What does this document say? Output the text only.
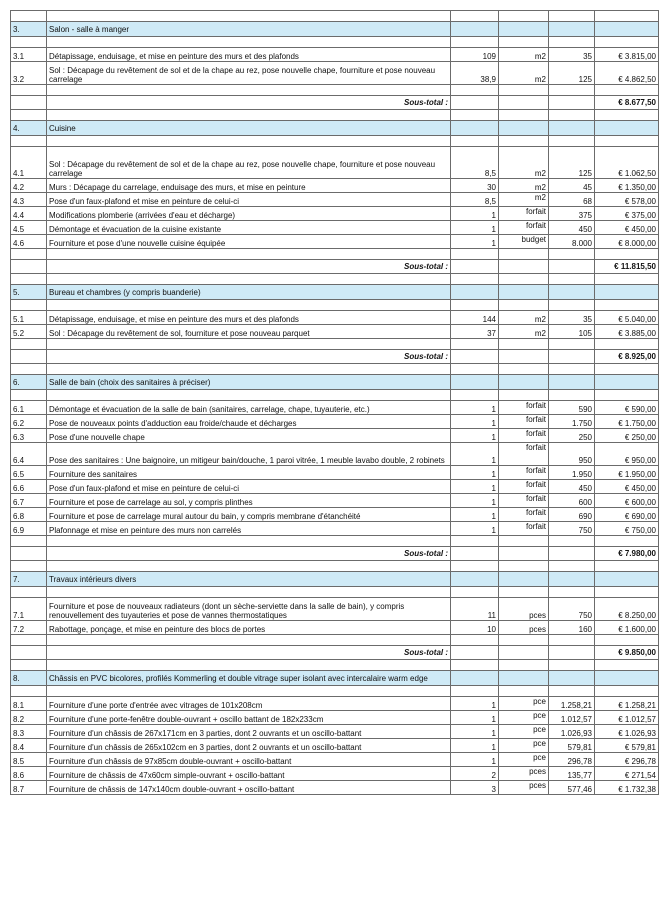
3.	Salon - salle à manger				

3.1	Détapissage, enduisage, et mise en peinture des murs et des plafonds	109	m2	35	€ 3.815,00
3.2	Sol : Décapage du revêtement de sol et de la chape au rez, pose nouvelle chape, fourniture et pose nouveau carrelage	38,9	m2	125	€ 4.862,50

	Sous-total :				€ 8.677,50

4.	Cuisine				

4.1	Sol : Décapage du revêtement de sol et de la chape au rez, pose nouvelle chape, fourniture et pose nouveau carrelage	8,5	m2	125	€ 1.062,50
4.2	Murs : Décapage du carrelage, enduisage des murs, et mise en peinture	30	m2	45	€ 1.350,00
4.3	Pose d'un faux-plafond et mise en peinture de celui-ci	8,5	m2	68	€ 578,00
4.4	Modifications plomberie (arrivées d'eau et décharge)	1	forfait	375	€ 375,00
4.5	Démontage et évacuation de la cuisine existante	1	forfait	450	€ 450,00
4.6	Fourniture et pose d'une nouvelle cuisine équipée	1	budget	8.000	€ 8.000,00

	Sous-total :				€ 11.815,50

5.	Bureau et chambres (y compris buanderie)				

5.1	Détapissage, enduisage, et mise en peinture des murs et des plafonds	144	m2	35	€ 5.040,00
5.2	Sol : Décapage du revêtement de sol, fourniture et pose nouveau parquet	37	m2	105	€ 3.885,00

	Sous-total :				€ 8.925,00

6.	Salle de bain (choix des sanitaires à préciser)				

6.1	Démontage et évacuation de la salle de bain (sanitaires, carrelage, chape, tuyauterie, etc.)	1	forfait	590	€ 590,00
6.2	Pose de nouveaux points d'adduction eau froide/chaude et décharges	1	forfait	1.750	€ 1.750,00
6.3	Pose d'une nouvelle chape	1	forfait	250	€ 250,00
6.4	Pose des sanitaires : Une baignoire, un mitigeur bain/douche, 1 paroi vitrée, 1 meuble lavabo double, 2 robinets	1	forfait	950	€ 950,00
6.5	Fourniture des sanitaires	1	forfait	1.950	€ 1.950,00
6.6	Pose d'un faux-plafond et mise en peinture de celui-ci	1	forfait	450	€ 450,00
6.7	Fourniture et pose de carrelage au sol, y compris plinthes	1	forfait	600	€ 600,00
6.8	Fourniture et pose de carrelage mural autour du bain, y compris membrane d'étanchéité	1	forfait	690	€ 690,00
6.9	Plafonnage et mise en peinture des murs non carrelés	1	forfait	750	€ 750,00

	Sous-total :				€ 7.980,00

7.	Travaux intérieurs divers				

7.1	Fourniture et pose de nouveaux radiateurs (dont un sèche-serviette dans la salle de bain), y compris renouvellement des tuyauteries et pose de vannes thermostatiques	11	pces	750	€ 8.250,00
7.2	Rabottage, ponçage, et mise en peinture des blocs de portes	10	pces	160	€ 1.600,00

	Sous-total :				€ 9.850,00

8.	Châssis en PVC bicolores, profilés Kommerling et double vitrage super isolant avec intercalaire warm edge				

8.1	Fourniture d'une porte d'entrée avec vitrages de 101x208cm	1	pce	1.258,21	€ 1.258,21
8.2	Fourniture d'une porte-fenêtre double-ouvrant + oscillo battant de 182x233cm	1	pce	1.012,57	€ 1.012,57
8.3	Fourniture d'un châssis de 267x171cm en 3 parties, dont 2 ouvrants et un oscillo-battant	1	pce	1.026,93	€ 1.026,93
8.4	Fourniture d'un châssis de 265x102cm en 3 parties, dont 2 ouvrants et un oscillo-battant	1	pce	579,81	€ 579,81
8.5	Fourniture d'un châssis de 97x85cm double-ouvrant + oscillo-battant	1	pce	296,78	€ 296,78
8.6	Fourniture de châssis de 47x60cm simple-ouvrant + oscillo-battant	2	pces	135,77	€ 271,54
8.7	Fourniture de châssis de 147x140cm double-ouvrant + oscillo-battant	3	pces	577,46	€ 1.732,38
